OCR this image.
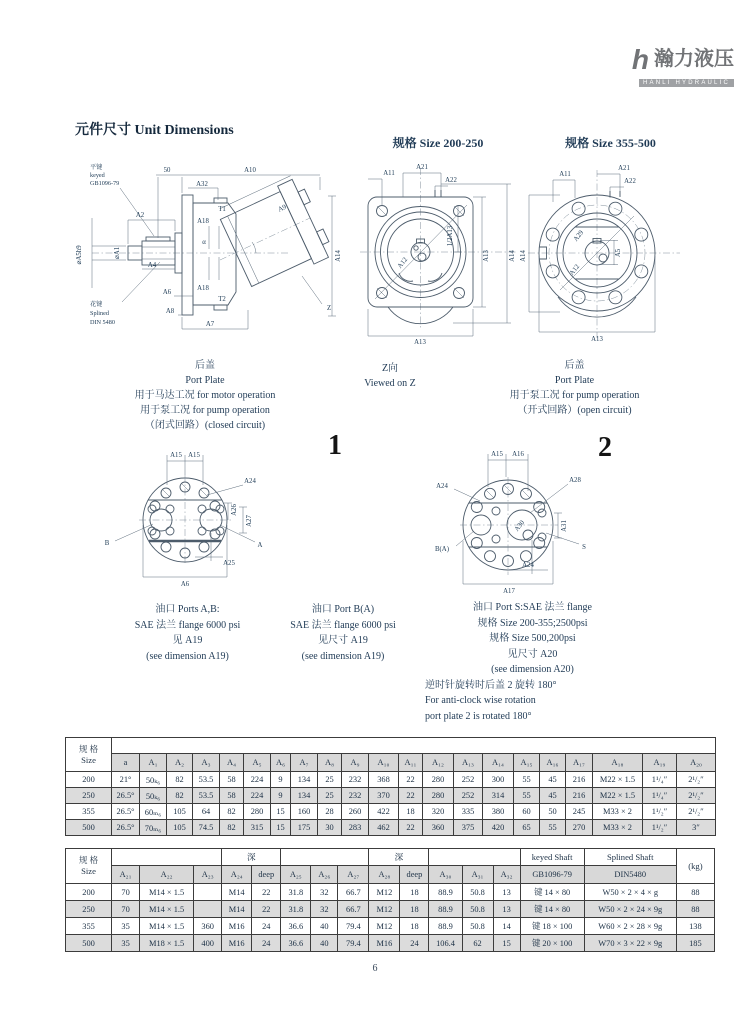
h 瀚力液压
HANLI HYDRAULIC
元件尺寸 Unit Dimensions
规格 Size 200-250	规格 Size 355-500
平键
keyed
GB1096-79
50	A10
A32
T1	A9
A2
A18
α
⌀A5h9	⌀A1
A4
A18
T2
A14
Z
花键
Splined
DIN 5480
A6
A8
A7
A11
A21
A22
A12
1/2A13
A13	A14
A13
A11
A21
A22
A29
A5
A12
A14
A13
后盖
Port Plate
用于马达工况 for motor operation
用于泵工况 for pump operation
（闭式回路）(closed circuit)
Z向
Viewed on Z
后盖
Port Plate
用于泵工况 for pump operation
（开式回路）(open circuit)
1	2
A15 A15
A24
A26
A27
A25
A6
B	A
A15 A16
A24
A28
A30	A31
B(A)	S
A24
A17
油口 Ports A,B:
SAE 法兰 flange 6000 psi
见 A19
(see dimension A19)
油口 Port B(A)
SAE 法兰 flange 6000 psi
见尺寸 A19
(see dimension A19)
油口 Port S:SAE 法兰 flange
规格 Size 200-355;2500psi
规格 Size 500,200psi
见尺寸 A20
(see dimension A20)
逆时针旋转时后盖 2 旋转 180°
For anti-clock wise rotation
port plate 2 is rotated 180°
规 格
Size																					
	a	A₁	A₂	A₃	A₄	A₅	A₆	A₇	A₈	A₉	A₁₀	A₁₁	A₁₂	A₁₃	A₁₄	A₁₅	A₁₆	A₁₇	A₁₈	A₁₉	A₂₀
200	21°	50ₖ₆	82	53.5	58	224	9	134	25	232	368	22	280	252	300	55	45	216	M22 × 1.5	1¹/₄″	2¹/₂″
250	26.5°	50ₖ₆	82	53.5	58	224	9	134	25	232	370	22	280	252	314	55	45	216	M22 × 1.5	1¹/₄″	2¹/₂″
355	26.5°	60ₘ₆	105	64	82	280	15	160	28	260	422	18	320	335	380	60	50	245	M33 × 2	1¹/₂″	2¹/₂″
500	26.5°	70ₘ₆	105	74.5	82	315	15	175	30	283	462	22	360	375	420	65	55	270	M33 × 2	1¹/₂″	3″
规 格
Size				深					深					keyed Shaft	Splined Shaft	(kg)
	A₂₁	A₂₂	A₂₃	A₂₄	deep	A₂₅	A₂₆	A₂₇	A₂₈	deep	A₃₀	A₃₁	A₃₂	GB1096-79	DIN5480	
200	70	M14 × 1.5		M14	22	31.8	32	66.7	M12	18	88.9	50.8	13	键 14 × 80	W50 × 2 × 4 × g	88
250	70	M14 × 1.5		M14	22	31.8	32	66.7	M12	18	88.9	50.8	13	键 14 × 80	W50 × 2 × 24 × 9g	88
355	35	M14 × 1.5	360	M16	24	36.6	40	79.4	M12	18	88.9	50.8	14	键 18 × 100	W60 × 2 × 28 × 9g	138
500	35	M18 × 1.5	400	M16	24	36.6	40	79.4	M16	24	106.4	62	15	键 20 × 100	W70 × 3 × 22 × 9g	185
6
